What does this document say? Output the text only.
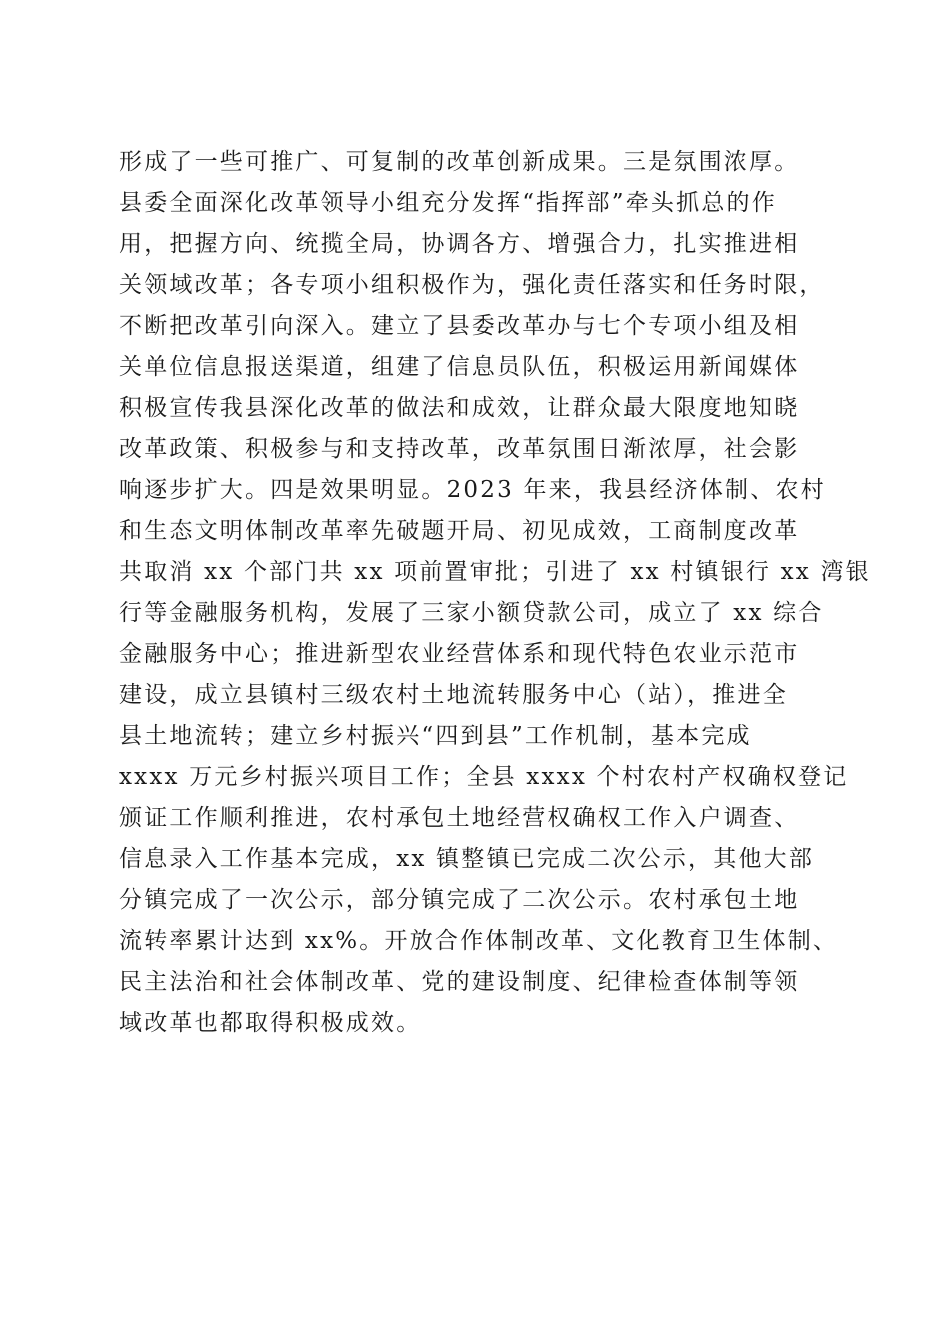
形成了一些可推广、可复制的改革创新成果。三是氛围浓厚。
县委全面深化改革领导小组充分发挥“指挥部”牵头抓总的作
用，把握方向、统揽全局，协调各方、增强合力，扎实推进相
关领域改革；各专项小组积极作为，强化责任落实和任务时限，
不断把改革引向深入。建立了县委改革办与七个专项小组及相
关单位信息报送渠道，组建了信息员队伍，积极运用新闻媒体
积极宣传我县深化改革的做法和成效，让群众最大限度地知晓
改革政策、积极参与和支持改革，改革氛围日渐浓厚，社会影
响逐步扩大。四是效果明显。2023 年来，我县经济体制、农村
和生态文明体制改革率先破题开局、初见成效，工商制度改革
共取消 xx 个部门共 xx 项前置审批；引进了 xx 村镇银行 xx 湾银
行等金融服务机构，发展了三家小额贷款公司，成立了 xx 综合
金融服务中心；推进新型农业经营体系和现代特色农业示范市
建设，成立县镇村三级农村土地流转服务中心（站），推进全
县土地流转；建立乡村振兴“四到县”工作机制，基本完成
xxxx 万元乡村振兴项目工作；全县 xxxx 个村农村产权确权登记
颁证工作顺利推进，农村承包土地经营权确权工作入户调查、
信息录入工作基本完成，xx 镇整镇已完成二次公示，其他大部
分镇完成了一次公示，部分镇完成了二次公示。农村承包土地
流转率累计达到 xx%。开放合作体制改革、文化教育卫生体制、
民主法治和社会体制改革、党的建设制度、纪律检查体制等领
域改革也都取得积极成效。
